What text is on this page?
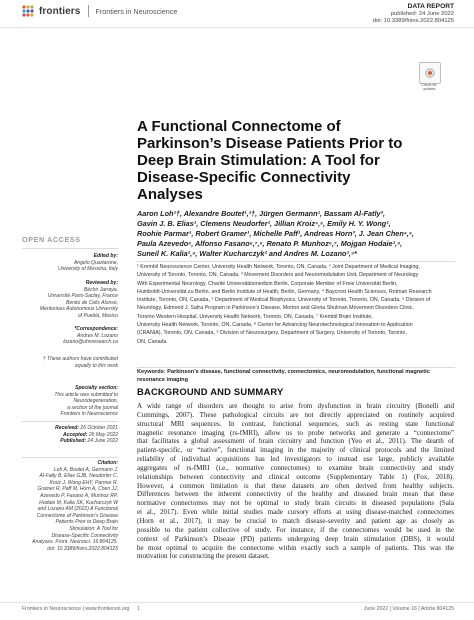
frontiers Frontiers in Neuroscience	DATA REPORT
published: 24 June 2022
doi: 10.3389/fnins.2022.804125
Check for updates
A Functional Connectome of
Parkinson’s Disease Patients Prior to
Deep Brain Stimulation: A Tool for
Disease-Specific Connectivity
Analyses
Aaron Loh¹†, Alexandre Boutet¹,²†, Jürgen Germann¹, Bassam Al-Fatly³,
Gavin J. B. Elias¹, Clemens Neudorfer¹, Jillian Kroiz⁴,⁵, Emily H. Y. Wong¹,
Roohie Parmar¹, Robert Gramer¹, Michelle Paff¹, Andreas Horn³, J. Jean Chen⁴,⁵,
Paula Azevedo⁶, Alfonso Fasano⁶,⁷,⁸, Renato P. Munhoz⁶,⁷, Mojgan Hodaie¹,⁹,
Suneil K. Kalia¹,⁹, Walter Kucharczyk² and Andres M. Lozano¹,⁹*
¹ Krembil Neuroscience Center, University Health Network, Toronto, ON, Canada, ² Joint Department of Medical Imaging,
University of Toronto, Toronto, ON, Canada, ³ Movement Disorders and Neuromodulation Unit, Department of Neurology
With Experimental Neurology, Charité Universitätsmedizin Berlin, Corporate Member of Freie Universität Berlin,
Humboldt-Universität zu Berlin, and Berlin Institute of Health, Berlin, Germany, ⁴ Baycrest Health Sciences, Rotman Research
Institute, Toronto, ON, Canada, ⁵ Department of Medical Biophysics, University of Toronto, Toronto, ON, Canada, ⁶ Division of
Neurology, Edmond J. Safra Program in Parkinson’s Disease, Morton and Gloria Shulman Movement Disorders Clinic,
Toronto Western Hospital, University Health Network, Toronto, ON, Canada, ⁷ Krembil Brain Institute,
University Health Network, Toronto, ON, Canada, ⁸ Center for Advancing Neurotechnological Innovation to Application
(CRANIA), Toronto, ON, Canada, ⁹ Division of Neurosurgery, Department of Surgery, University of Toronto, Toronto,
ON, Canada
Keywords: Parkinson’s disease, functional connectivity, connectomics, neuromodulation, functional magnetic
resonance imaging
BACKGROUND AND SUMMARY
A wide range of disorders are thought to arise from dysfunction in brain circuitry (Bonelli and
Cummings, 2007). These pathological circuits are not directly appreciated on routinely acquired
structural MRI sequences. In contrast, functional sequences, such as resting state functional
magnetic resonance imaging (rs-fMRI), allow us to probe networks and generate a “connectome”
that facilitates a global assessment of brain circuitry and function (Yeo et al., 2011). The dearth of
patient-specific, or “native”, functional imaging in the majority of clinical protocols and the limited
reliability of individual acquisitions has led investigators to instead use large, publicly available
aggregates of rs-fMRI (i.e., normative connectomes) to examine brain connectivity and study
relationships between connectivity and clinical outcome (Supplementary Table 1) (Fox, 2018).
However, a common limitation is that these datasets are often derived from healthy subjects.
Differences between the inherent connectivity of the healthy and diseased brain mean that these
normative connectomes may not be optimal to study brain circuits in diseased populations (Sala
et al., 2017). Even while initial studies made cursory efforts at using disease-matched connectomes
(Horn et al., 2017), it may be crucial to match disease-severity and patient age as closely as
possible to the patient collective of study. For instance, if the connectomes would be used in the
context of Parkinson’s Disease (PD) patients undergoing deep brain stimulation (DBS), it would
be most optimal to acquire the connectome within exactly such a sample of patients. This was the
motivation for constructing the present dataset.
OPEN ACCESS
Edited by:
Angelo Quartarone,
University of Messina, Italy
Reviewed by:
Béchir Jarraya,
Université Paris-Saclay, France
Benito de Celis Alonso,
Meritorious Autonomous University
of Puebla, Mexico
*Correspondence:
Andres M. Lozano
lozano@uhnresearch.ca
† These authors have contributed
equally to this work
Specialty section:
This article was submitted to
Neurodegeneration,
a section of the journal
Frontiers in Neuroscience
Received: 26 October 2021
Accepted: 26 May 2022
Published: 24 June 2022
Citation:
Loh A, Boutet A, Germann J,
Al-Fatly B, Elias GJB, Neudorfer C,
Kroiz J, Wong EHY, Parmar R,
Gramer R, Paff M, Horn A, Chen JJ,
Azevedo P, Fasano A, Munhoz RP,
Hodaie M, Kalia SK, Kucharczyk W
and Lozano AM (2022) A Functional
Connectome of Parkinson’s Disease
Patients Prior to Deep Brain
Stimulation: A Tool for
Disease-Specific Connectivity
Analyses. Front. Neurosci. 16:804125.
doi: 10.3389/fnins.2022.804125
Frontiers in Neuroscience | www.frontiersin.org 1	June 2022 | Volume 16 | Article 804125
